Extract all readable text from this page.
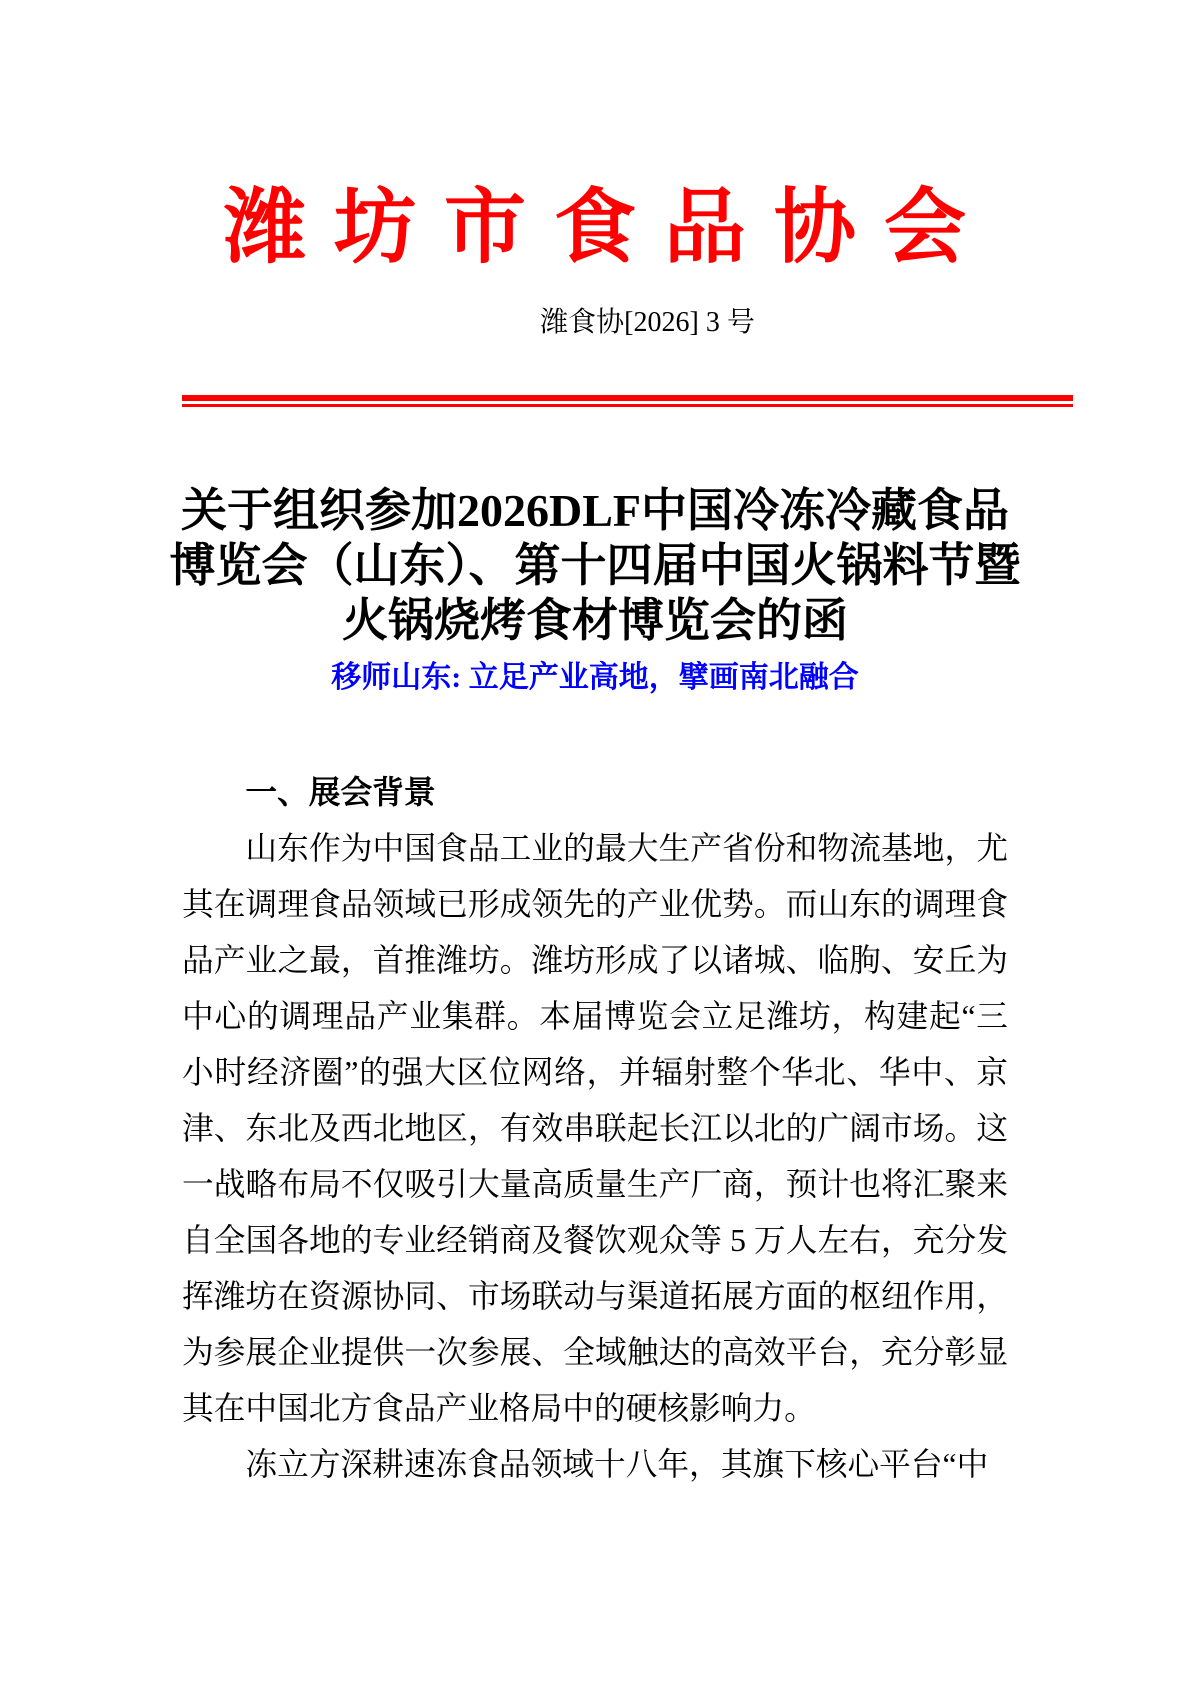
潍坊市食品协会
潍食协[2026] 3 号
关于组织参加2026DLF中国冷冻冷藏食品
博览会（山东）、第十四届中国火锅料节暨
火锅烧烤食材博览会的函
移师山东: 立足产业高地，擘画南北融合

一、展会背景

山东作为中国食品工业的最大生产省份和物流基地，尤其在调理食品领域已形成领先的产业优势。而山东的调理食品产业之最，首推潍坊。潍坊形成了以诸城、临朐、安丘为中心的调理品产业集群。本届博览会立足潍坊，构建起“三小时经济圈”的强大区位网络，并辐射整个华北、华中、京津、东北及西北地区，有效串联起长江以北的广阔市场。这一战略布局不仅吸引大量高质量生产厂商，预计也将汇聚来自全国各地的专业经销商及餐饮观众等 5 万人左右，充分发挥潍坊在资源协同、市场联动与渠道拓展方面的枢纽作用，为参展企业提供一次参展、全域触达的高效平台，充分彰显其在中国北方食品产业格局中的硬核影响力。

冻立方深耕速冻食品领域十八年，其旗下核心平台“中
